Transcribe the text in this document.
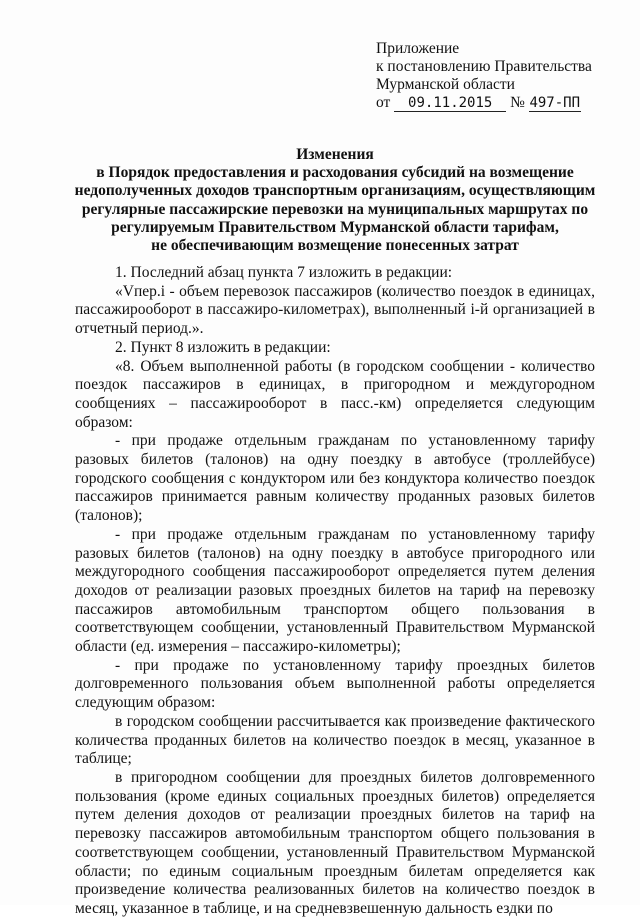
Приложение
к постановлению Правительства
Мурманской области
от 09.11.2015 № 497-ПП
Изменения
в Порядок предоставления и расходования субсидий на возмещение
недополученных доходов транспортным организациям, осуществляющим
регулярные пассажирские перевозки на муниципальных маршрутах по
регулируемым Правительством Мурманской области тарифам,
не обеспечивающим возмещение понесенных затрат

1. Последний абзац пункта 7 изложить в редакции:

«Vпер.i - объем перевозок пассажиров (количество поездок в единицах, пассажирооборот в пассажиро-километрах), выполненный i-й организацией в отчетный период.».

2. Пункт 8 изложить в редакции:

«8. Объем выполненной работы (в городском сообщении - количество поездок пассажиров в единицах, в пригородном и междугородном сообщениях – пассажирооборот в пасс.-км) определяется следующим образом:

- при продаже отдельным гражданам по установленному тарифу разовых билетов (талонов) на одну поездку в автобусе (троллейбусе) городского сообщения с кондуктором или без кондуктора количество поездок пассажиров принимается равным количеству проданных разовых билетов (талонов);

- при продаже отдельным гражданам по установленному тарифу разовых билетов (талонов) на одну поездку в автобусе пригородного или междугородного сообщения пассажирооборот определяется путем деления доходов от реализации разовых проездных билетов на тариф на перевозку пассажиров автомобильным транспортом общего пользования в соответствующем сообщении, установленный Правительством Мурманской области (ед. измерения – пассажиро-километры);

- при продаже по установленному тарифу проездных билетов долговременного пользования объем выполненной работы определяется следующим образом:

в городском сообщении рассчитывается как произведение фактического количества проданных билетов на количество поездок в месяц, указанное в таблице;

в пригородном сообщении для проездных билетов долговременного пользования (кроме единых социальных проездных билетов) определяется путем деления доходов от реализации проездных билетов на тариф на перевозку пассажиров автомобильным транспортом общего пользования в соответствующем сообщении, установленный Правительством Мурманской области; по единым социальным проездным билетам определяется как произведение количества реализованных билетов на количество поездок в месяц, указанное в таблице, и на средневзвешенную дальность ездки по
